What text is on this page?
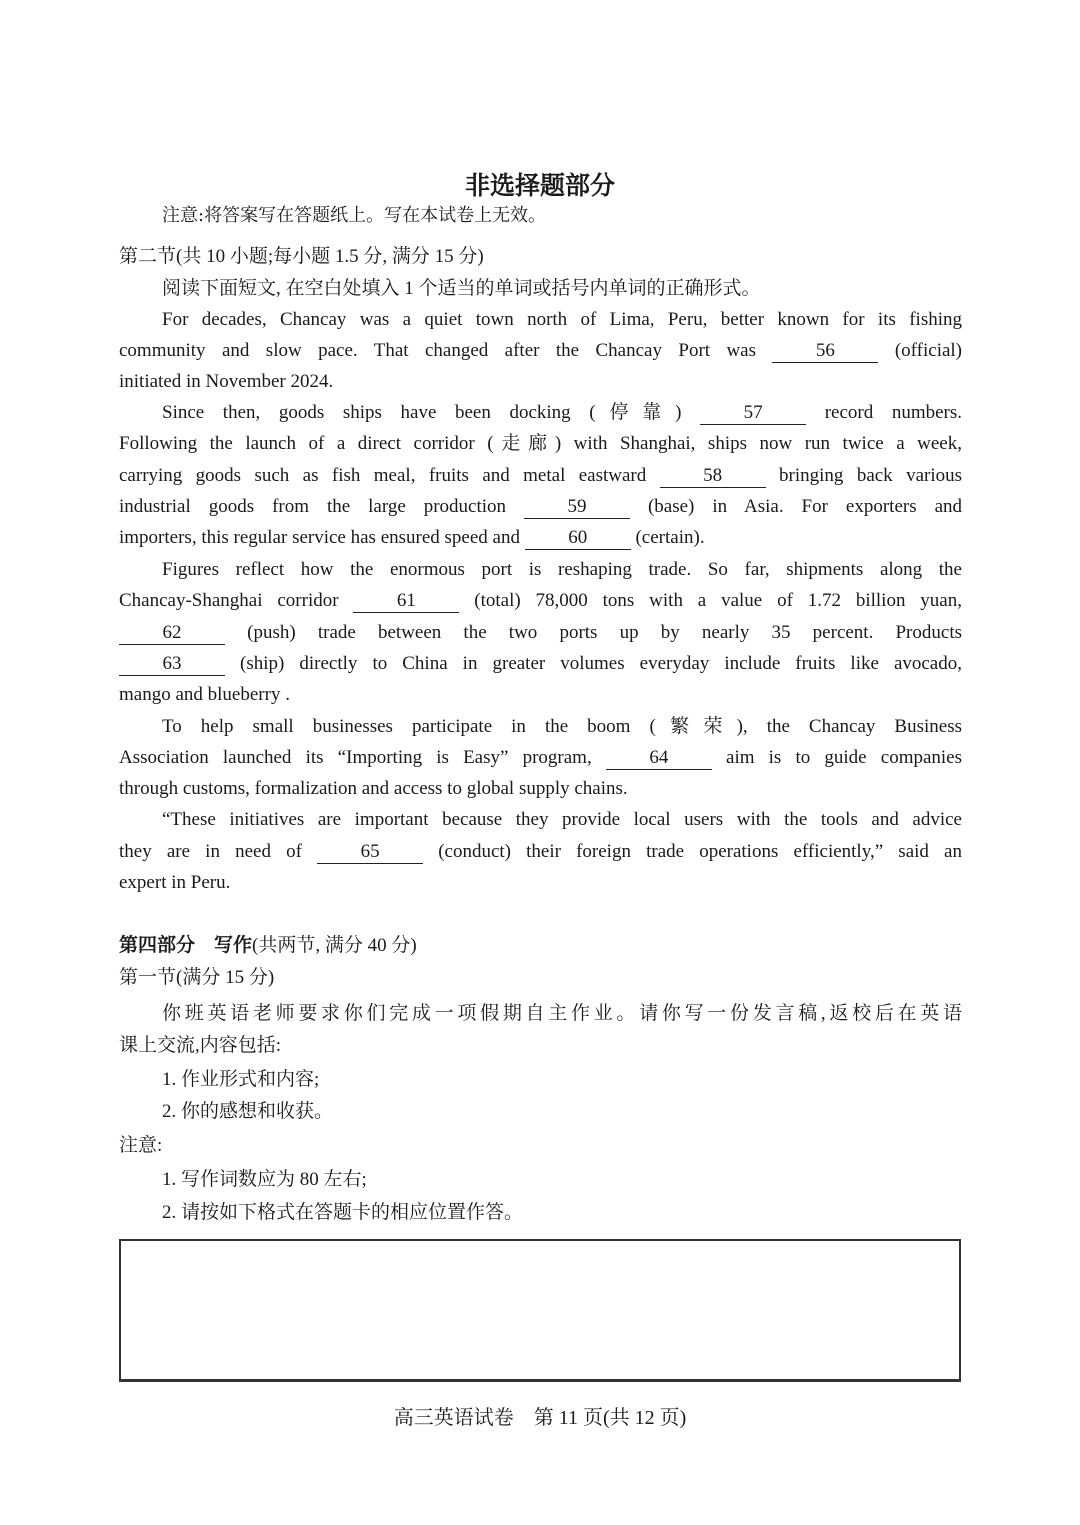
非选择题部分
注意:将答案写在答题纸上。写在本试卷上无效。
第二节(共 10 小题;每小题 1.5 分, 满分 15 分)
阅读下面短文, 在空白处填入 1 个适当的单词或括号内单词的正确形式。
For decades, Chancay was a quiet town north of Lima, Peru, better known for its fishing
community and slow pace. That changed after the Chancay Port was 56	(official)
initiated in November 2024.
Since then, goods ships have been docking (停靠) 57	record numbers.
Following the launch of a direct corridor (走廊) with Shanghai, ships now run twice a week,
carrying goods such as fish meal, fruits and metal eastward 58	bringing back various
industrial goods from the large production 59	(base) in Asia. For exporters and
importers, this regular service has ensured speed and 60	(certain).
Figures reflect how the enormous port is reshaping trade. So far, shipments along the
Chancay-Shanghai corridor 61	(total) 78,000 tons with a value of 1.72 billion yuan,
62	(push) trade between the two ports up by nearly 35 percent. Products
63	(ship) directly to China in greater volumes everyday include fruits like avocado,
mango and blueberry .
To help small businesses participate in the boom (繁荣), the Chancay Business
Association launched its “Importing is Easy” program, 64	aim is to guide companies
through customs, formalization and access to global supply chains.
“These initiatives are important because they provide local users with the tools and advice
they are in need of 65	(conduct) their foreign trade operations efficiently,” said an
expert in Peru.
第四部分　写作(共两节, 满分 40 分)
第一节(满分 15 分)
你班英语老师要求你们完成一项假期自主作业。请你写一份发言稿,返校后在英语
课上交流,内容包括:
1. 作业形式和内容;
2. 你的感想和收获。
注意:
1. 写作词数应为 80 左右;
2. 请按如下格式在答题卡的相应位置作答。
高三英语试卷　第 11 页(共 12 页)
